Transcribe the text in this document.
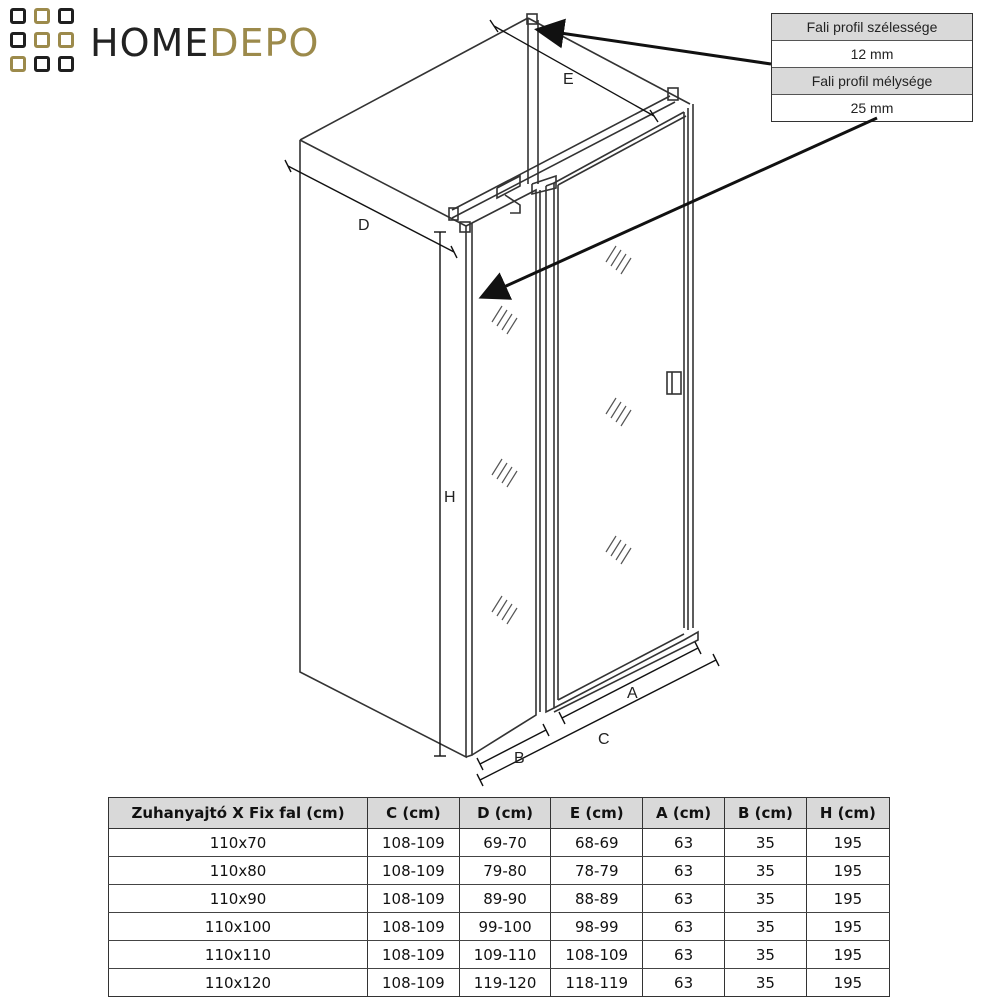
HOMEDEPO	Fali profil szélessége
12 mm
Fali profil mélysége
25 mm
E
D
H
A
C
B
Zuhanyajtó X Fix fal (cm)	C (cm)	D (cm)	E (cm)	A (cm)	B (cm)	H (cm)
110x70	108-109	69-70	68-69	63	35	195
110x80	108-109	79-80	78-79	63	35	195
110x90	108-109	89-90	88-89	63	35	195
110x100	108-109	99-100	98-99	63	35	195
110x110	108-109	109-110	108-109	63	35	195
110x120	108-109	119-120	118-119	63	35	195
